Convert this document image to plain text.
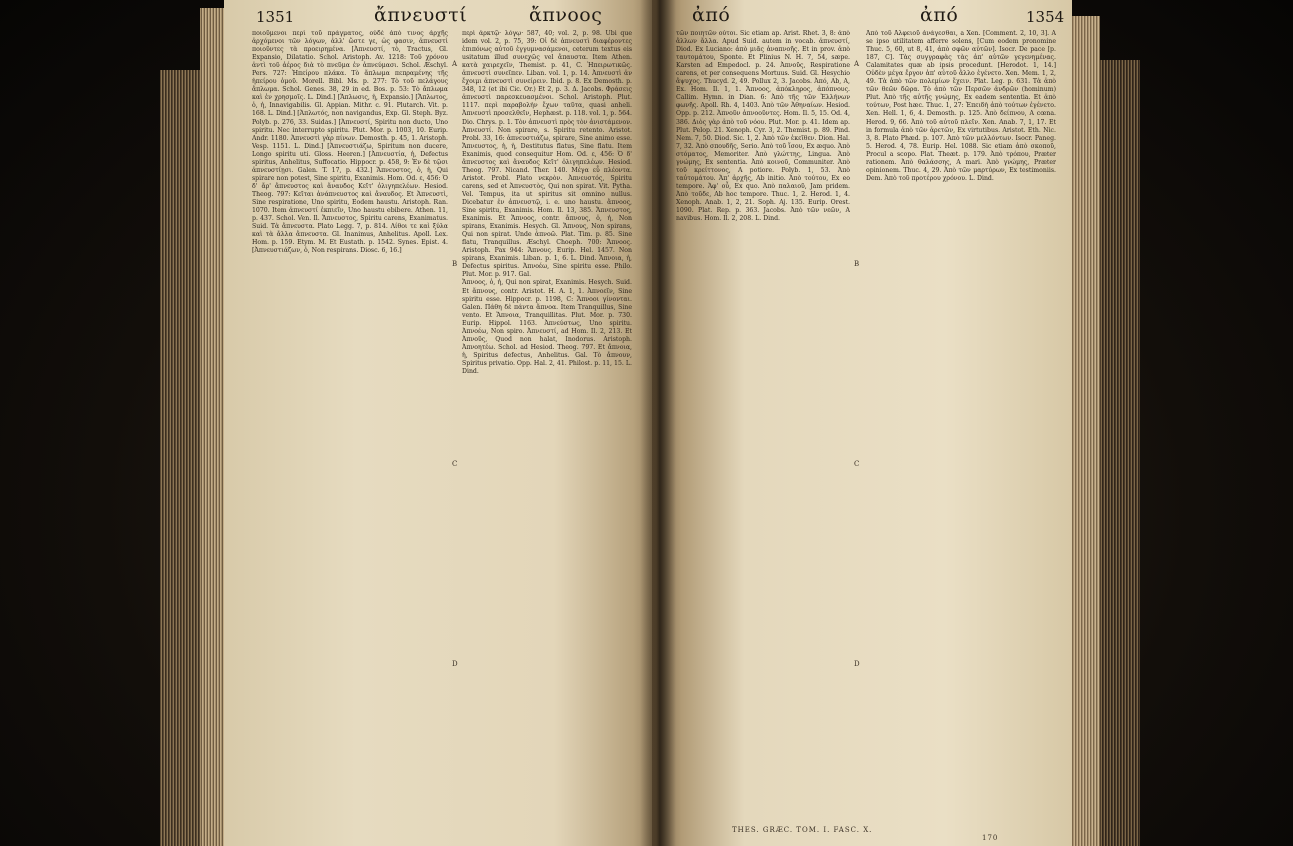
1351	ἄπνευστί	ἄπνοος

ποιοῦμενοι περὶ τοῦ πράγματος, οὐδὲ ἀπὸ τινος ἀρχῆς ἀρχόμενοι τῶν λόγων, ἀλλ' ὥστε γε, ὡς φασιν, ἀπνευστὶ ποιοῦντες τὰ προειρημένα. [Ἀπνευστί, τὸ, Tractus, Gl. Expansio, Dilatatio. Schol. Aristoph. Av. 1218: Τοῦ χρόνου ἀντὶ τοῦ ἀέρος διὰ τὸ πνεῦμα ἐν ἀπνεύμασι. Schol. Æschyl. Pers. 727: Ἠπείρου πλάκα. Τὸ ἄπλωμα πεπραμένης τῆς ἠπείρου ὁμοῦ. Morell. Bibl. Ms. p. 277: Τὸ τοῦ πελάγους ἄπλωμα. Schol. Genes. 38, 29 in ed. Bos. p. 53: Τὸ ἄπλωμα καὶ ἐν χρησμοῖς. L. Dind.] [Ἄπλωσις, ἡ, Expansio.] [Ἄπλωτος, ὁ, ἡ, Innavigabilis. Gl. Appian. Mithr. c. 91. Plutarch. Vit. p. 168. L. Dind.] [Ἀπλωτός, non navigandus, Exp. Gl. Steph. Byz. Polyb. p. 276, 33. Suidas.] [Ἀπνευστί, Spiritu non ducto, Uno spiritu. Nec interrupto spiritu. Plut. Mor. p. 1003, 10. Eurip. Andr. 1180. Ἀπνευστὶ γὰρ πίνων. Demosth. p. 45, 1. Aristoph. Vesp. 1151. L. Dind.] [Ἀπνευστιάζω, Spiritum non ducere, Longo spiritu uti. Gloss. Heeren.] [Ἀπνευστία, ἡ, Defectus spiritus, Anhelitus, Suffocatio. Hippocr. p. 458, 9: Ἐν δὲ τῷσι ἀπνευστίῃσι. Galen. T. 17, p. 432.] Ἄπνευστος, ὁ, ἡ, Qui spirare non potest, Sine spiritu, Exanimis. Hom. Od. ε, 456: Ὁ δ' ἄρ' ἄπνευστος καὶ ἄναυδος Κεῖτ' ὀλιγηπελέων. Hesiod. Theog. 797: Κεῖται ἀνάπνευστος καὶ ἄναυδος. Et Ἀπνευστὶ, Sine respiratione, Uno spiritu, Eodem haustu. Aristoph. Ran. 1070. Item ἀπνευστί ἐκπιεῖν, Uno haustu ebibere. Athen. 11, p. 437. Schol. Ven. Il. Ἄπνευστος, Spiritu carens, Exanimatus. Suid. Τὰ ἄπνευστα. Plato Legg. 7, p. 814. Λίθοι τε καὶ ξύλα καὶ τὰ ἄλλα ἄπνευστα. Gl. Inanimus, Anhelitus. Apoll. Lex. Hom. p. 159. Etym. M. Et Eustath. p. 1542. Synes. Epist. 4. [Ἀπνευστιάζων, ὁ, Non respirans. Diosc. 6, 16.]

A
B
C
D

περὶ ἀρκτῷ· λόγῳ· 587, 40; vol. 2, p. 98. Ubi que idem vol. 2, p. 75, 39: Οἱ δὲ ἀπνευστὶ διαφέροντες ἐπιπόνως αὐτοῦ ἐγγυμνασάμενοι, ceterum textus eis usitatum illud συνεχῶς vel ἄπαυστα. Item Athen. κατὰ χαιρεχεῖν, Themist. p. 41, C. Ἠπειρωτικῶς. ἀπνευστὶ συνεῖπεν. Liban. vol. 1, p. 14. Ἀπνευστὶ ἀν ἔχοιμι ἀπνευστὶ συνείρειν. Ibid. p. 8. Ex Demosth. p. 348, 12 (et ibi Cic. Or.) Et 2, p. 3. Δ. Jacobs. Φράσεις ἀπνευστὶ παρεσκευασμένοι. Schol. Aristoph. Plut. 1117. περὶ παραβολήν ἔχων ταῦτα, quasi anheli. Ἀπνευστὶ προσελθεῖν, Hephæst. p. 118. vol. 1, p. 564. Dio. Chrys. p. 1. Τὸν ἀπνευστὶ πρὸς τὸν ἀνιστάμενον. Ἀπνευστί. Non spirare, s. Spiritu retento. Aristot. Probl. 33, 16: ἀπνευστιάζω, spirare, Sine animo esse. Ἄπνευστος, ἡ, ἡ, Destitutus flatus, Sine flatu. Item Exanimis, quod consequitur Hom. Od. ε, 456: Ὁ δ' ἄπνευστος καὶ ἄναυδος Κεῖτ' ὀλιγηπελέων. Hesiod. Theog. 797. Nicand. Ther. 140. Μέγα εὖ πλέοντα. Aristot. Probl. Plato νεκρὸν. Ἀπνευστός, Spiritu carens, sed et Ἀπνευστὸς, Qui non spirat. Vit. Pytha. Vel. Tempus, ita ut spiritus sit omnino nullus. Dicebatur ἐν ἀπνευστῷ, i. e. uno haustu. ἄπνοος, Sine spiritu, Exanimis. Hom. Il. 13, 385. Ἄπνευστος, Exanimis. Et Ἄπνοος, contr. ἄπνους, ὁ, ἡ, Non spirans, Exanimis. Hesych. Gl. Ἄπνους, Non spirans, Qui non spirat. Unde ἀπνοῶ. Plat. Tim. p. 85. Sine flatu, Tranquillus. Æschyl. Choeph. 700: Ἄπνοος. Aristoph. Pax 944: Ἄπνους. Eurip. Hel. 1457. Non spirans, Exanimis. Liban. p. 1, 6. L. Dind. Ἄπνοια, ἡ, Defectus spiritus. Ἀπνοέω, Sine spiritu esse. Philo. Plut. Mor. p. 917. Gal.

Ἄπνοος, ὁ, ἡ, Qui non spirat, Exanimis. Hesych. Suid. Et ἄπνους, contr. Aristot. H. A. 1, 1. Ἀπνοεῖν, Sine spiritu esse. Hippocr. p. 1198, C: Ἄπνοοι γίνονται. Galen. Πάθη δὲ πάντα ἄπνοα. Item Tranquillus, Sine vento. Et Ἄπνοια, Tranquillitas. Plut. Mor. p. 730. Eurip. Hippol. 1163. Ἀπνεύστως, Uno spiritu. Ἀπνοέω, Non spiro. Ἀπνευστί, ad Hom. Il. 2, 213. Et Ἀπνοῦς, Quod non halat, Inodorus. Aristoph. Ἀπνοητέω. Schol. ad Hesiod. Theog. 797. Et ἄπνοια, ἡ, Spiritus defectus, Anhelitus. Gal. Τὸ ἄπνουν, Spiritus privatio. Opp. Hal. 2, 41. Philost. p. 11, 15. L. Dind.

ἀπό	ἀπό	1354

τῶν ποιητῶν οὗτοι. Sic etiam ap. Arist. Rhet. 3, 8: ἀπὸ ἄλλων ἄλλα. Apud Suid. autem in vocab. ἀπνευστί, Diod. Ex Luciano: ἀπὸ μιᾶς ἀναπνοῆς. Et in prov. ἀπὸ ταυτομάτου, Sponte. Et Plinius N. H. 7, 54, sæpe. Karsten ad Empedocl. p. 24. Ἀπνοῦς, Respiratione carens, et per consequens Mortuus. Suid. Gl. Hesychio ἄψυχος. Thucyd. 2, 49. Pollux 2, 3. Jacobs. Ἀπό, Ab, A, Ex. Hom. Il. 1, 1. Ἄπνοος, ἀπόκληρος, ἀπόπνους. Callim. Hymn. in Dian. 6: Ἀπὸ τῆς τῶν Ἑλλήνων φωνῆς. Apoll. Rh. 4, 1403. Ἀπὸ τῶν Ἀθηναίων. Hesiod. Opp. p. 212. Ἀπνοῦν ἀπνοοῦντες. Hom. Il. 5, 15. Od. 4, 386. Διὸς γὰρ ἀπὸ τοῦ νόου. Plut. Mor. p. 41. Idem ap. Plut. Pelop. 21. Xenoph. Cyr. 3, 2. Themist. p. 89. Pind. Nem. 7, 50. Diod. Sic. 1, 2. Ἀπὸ τῶν ἐκεῖθεν. Dion. Hal. 7, 32. Ἀπὸ σπουδῆς, Serio. Ἀπὸ τοῦ ἴσου, Ex æquo. Ἀπὸ στόματος, Memoriter. Ἀπὸ γλώττης, Lingua. Ἀπὸ γνώμης, Ex sententia. Ἀπὸ κοινοῦ, Communiter. Ἀπὸ τοῦ κρείττονος, A potiore. Polyb. 1, 53. Ἀπὸ ταὐτομάτου. Ἀπ' ἀρχῆς, Ab initio. Ἀπὸ τούτου, Ex eo tempore. Ἀφ' οὗ, Ex quo. Ἀπὸ παλαιοῦ, Jam pridem. Ἀπὸ τοῦδε, Ab hoc tempore. Thuc. 1, 2. Herod. 1, 4. Xenoph. Anab. 1, 2, 21. Soph. Aj. 135. Eurip. Orest. 1090. Plat. Rep. p. 363. Jacobs. Ἀπὸ τῶν νεῶν, A navibus. Hom. Il. 2, 208. L. Dind.

A
B
C
D

Ἀπὸ τοῦ Ἀλφειοῦ ἀνάγεσθαι, a Xen. [Comment. 2, 10, 3]. A se ipso utilitatem afferre solens, [Cum eodem pronomine Thuc. 5, 60, ut 8, 41, ἀπὸ σφῶν αὐτῶν]. Isocr. De pace [p. 187, C]. Τὰς συγγραφὰς τὰς ἀπ' αὐτῶν γεγενημένας. Calamitates quæ ab ipsis procedunt. [Herodot. 1, 14.] Οὐδὲν μέγα ἔργον ἀπ' αὐτοῦ ἄλλο ἐγένετο. Xen. Mem. 1, 2, 49. Τὰ ἀπὸ τῶν πολεμίων ἔχειν. Plat. Leg. p. 631. Τὰ ἀπὸ τῶν θεῶν δῶρα. Τὸ ἀπὸ τῶν Περσῶν ἀνδρῶν (hominum) Plut. Ἀπὸ τῆς αὐτῆς γνώμης, Ex eadem sententia. Et ἀπὸ τούτων, Post hæc. Thuc. 1, 27: Ἐπειδὴ ἀπὸ τούτων ἐγένετο. Xen. Hell. 1, 6, 4. Demosth. p. 125. Ἀπὸ δείπνου, A cœna. Herod. 9, 66. Ἀπὸ τοῦ αὐτοῦ πλεῖν. Xen. Anab. 7, 1, 17. Et in formula ἀπὸ τῶν ἀρετῶν, Ex virtutibus. Aristot. Eth. Nic. 3, 8. Plato Phæd. p. 107. Ἀπὸ τῶν μελλόντων. Isocr. Paneg. 5. Herod. 4, 78. Eurip. Hel. 1088. Sic etiam ἀπὸ σκοποῦ, Procul a scopo. Plat. Theæt. p. 179. Ἀπὸ τρόπου, Præter rationem. Ἀπὸ θαλάσσης, A mari. Ἀπὸ γνώμης, Præter opinionem. Thuc. 4, 29. Ἀπὸ τῶν μαρτύρων, Ex testimoniis. Dem. Ἀπὸ τοῦ προτέρου χρόνου. L. Dind.

THES. GRÆC. TOM. I. FASC. X.
170
